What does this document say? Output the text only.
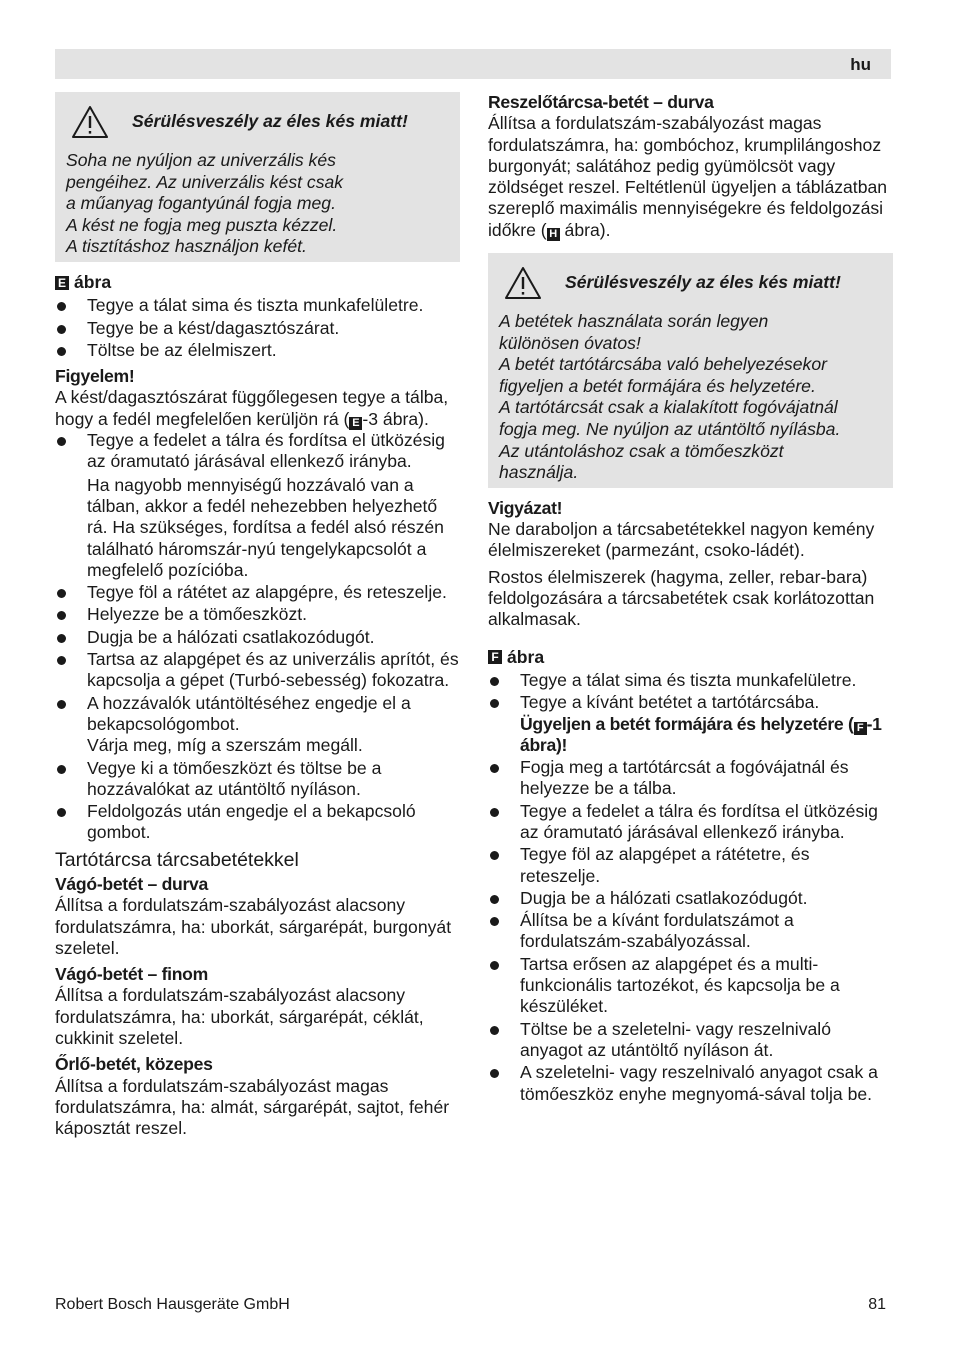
hu
Sérülésveszély az éles kés miatt!

Soha ne nyúljon az univerzális kés

pengéihez. Az univerzális kést csak

a műanyag fogantyúnál fogja meg.

A kést ne fogja meg puszta kézzel.

A tisztításhoz használjon kefét.

E ábra
Tegye a tálat sima és tiszta munkafelületre.
Tegye be a kést/dagasztószárat.
Töltse be az élelmiszert.

Figyelem!

A kést/dagasztószárat függőlegesen tegye a tálba, hogy a fedél megfelelően kerüljön rá ( E -3 ábra).

Tegye a fedelet a tálra és fordítsa el ütközésig az óramutató járásával ellenkező irányba.
Ha nagyobb mennyiségű hozzávaló van a tálban, akkor a fedél nehezebben helyezhető rá. Ha szükséges, fordítsa a fedél alsó részén található háromszár-nyú tengelykapcsolót a megfelelő pozícióba.
Tegye föl a rátétet az alapgépre, és reteszelje.
Helyezze be a tömőeszközt.
Dugja be a hálózati csatlakozódugót.
Tartsa az alapgépet és az univerzális aprítót, és kapcsolja a gépet (Turbó-sebesség) fokozatra.
A hozzávalók utántöltéséhez engedje el a bekapcsológombot.
Várja meg, míg a szerszám megáll.
Vegye ki a tömőeszközt és töltse be a hozzávalókat az utántöltő nyíláson.
Feldolgozás után engedje el a bekapcsoló gombot.

Tartótárcsa tárcsabetétekkel

Vágó-betét – durva

Állítsa a fordulatszám-szabályozást alacsony fordulatszámra, ha: uborkát, sárgarépát, burgonyát szeletel.

Vágó-betét – finom

Állítsa a fordulatszám-szabályozást alacsony fordulatszámra, ha: uborkát, sárgarépát, céklát, cukkinit szeletel.

Őrlő-betét, közepes

Állítsa a fordulatszám-szabályozást magas fordulatszámra, ha: almát, sárgarépát, sajtot, fehér káposztát reszel.

Reszelőtárcsa-betét – durva

Állítsa a fordulatszám-szabályozást magas fordulatszámra, ha: gombóchoz, krumplilángoshoz burgonyát; salátához pedig gyümölcsöt vagy zöldséget reszel. Feltétlenül ügyeljen a táblázatban szereplő maximális mennyiségekre és feldolgozási időkre ( H ábra).

Sérülésveszély az éles kés miatt!

A betétek használata során legyen

különösen óvatos!

A betét tartótárcsába való behelyezésekor

figyeljen a betét formájára és helyzetére.

A tartótárcsát csak a kialakított fogóvájatnál

fogja meg. Ne nyúljon az utántöltő nyílásba.

Az utántoláshoz csak a tömőeszközt

használja.

Vigyázat!

Ne daraboljon a tárcsabetétekkel nagyon kemény élelmiszereket (parmezánt, csoko-ládét).

Rostos élelmiszerek (hagyma, zeller, rebar-bara) feldolgozására a tárcsabetétek csak korlátozottan alkalmasak.

F ábra
Tegye a tálat sima és tiszta munkafelületre.
Tegye a kívánt betétet a tartótárcsába.
Ügyeljen a betét formájára és helyzetére ( F -1 ábra)!
Fogja meg a tartótárcsát a fogóvájatnál és helyezze be a tálba.
Tegye a fedelet a tálra és fordítsa el ütközésig az óramutató járásával ellenkező irányba.
Tegye föl az alapgépet a rátétetre, és reteszelje.
Dugja be a hálózati csatlakozódugót.
Állítsa be a kívánt fordulatszámot a fordulatszám-szabályozással.
Tartsa erősen az alapgépet és a multi-funkcionális tartozékot, és kapcsolja be a készüléket.
Töltse be a szeletelni- vagy reszelnivaló anyagot az utántöltő nyíláson át.
A szeletelni- vagy reszelnivaló anyagot csak a tömőeszköz enyhe megnyomá-sával tolja be.
Robert Bosch Hausgeräte GmbH	81
